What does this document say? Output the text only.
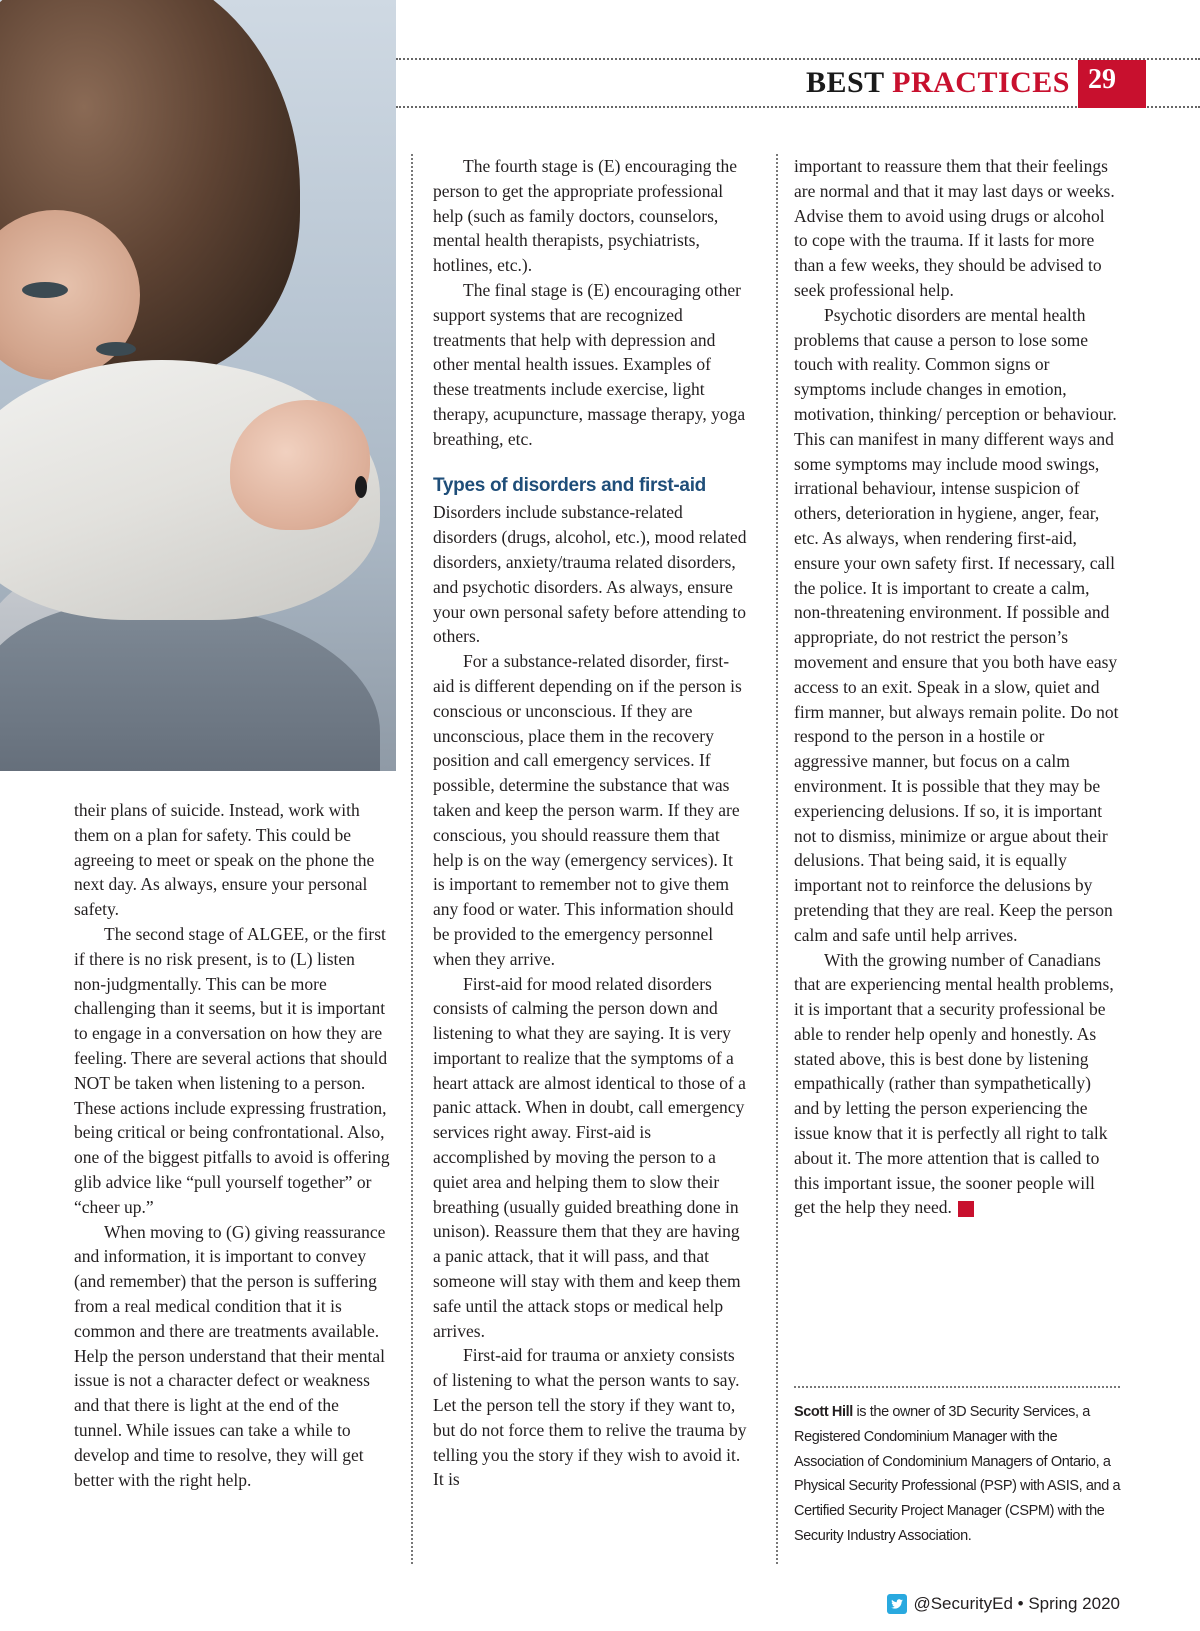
BEST PRACTICES 29

their plans of suicide. Instead, work with them on a plan for safety. This could be agreeing to meet or speak on the phone the next day. As always, ensure your personal safety.

The second stage of ALGEE, or the first if there is no risk present, is to (L) listen non-judgmentally. This can be more challenging than it seems, but it is important to engage in a conversation on how they are feeling. There are several actions that should NOT be taken when listening to a person. These actions include expressing frustration, being critical or being confrontational. Also, one of the biggest pitfalls to avoid is offering glib advice like “pull yourself together” or “cheer up.”

When moving to (G) giving reassurance and information, it is important to convey (and remember) that the person is suffering from a real medical condition that it is common and there are treatments available. Help the person understand that their mental issue is not a character defect or weakness and that there is light at the end of the tunnel. While issues can take a while to develop and time to resolve, they will get better with the right help.

The fourth stage is (E) encouraging the person to get the appropriate professional help (such as family doctors, counselors, mental health therapists, psychiatrists, hotlines, etc.).

The final stage is (E) encouraging other support systems that are recognized treatments that help with depression and other mental health issues. Examples of these treatments include exercise, light therapy, acupuncture, massage therapy, yoga breathing, etc.

Types of disorders and first-aid

Disorders include substance-related disorders (drugs, alcohol, etc.), mood related disorders, anxiety/trauma related disorders, and psychotic disorders. As always, ensure your own personal safety before attending to others.

For a substance-related disorder, first-aid is different depending on if the person is conscious or unconscious. If they are unconscious, place them in the recovery position and call emergency services. If possible, determine the substance that was taken and keep the person warm. If they are conscious, you should reassure them that help is on the way (emergency services). It is important to remember not to give them any food or water. This information should be provided to the emergency personnel when they arrive.

First-aid for mood related disorders consists of calming the person down and listening to what they are saying. It is very important to realize that the symptoms of a heart attack are almost identical to those of a panic attack. When in doubt, call emergency services right away. First-aid is accomplished by moving the person to a quiet area and helping them to slow their breathing (usually guided breathing done in unison). Reassure them that they are having a panic attack, that it will pass, and that someone will stay with them and keep them safe until the attack stops or medical help arrives.

First-aid for trauma or anxiety consists of listening to what the person wants to say. Let the person tell the story if they want to, but do not force them to relive the trauma by telling you the story if they wish to avoid it. It is

important to reassure them that their feelings are normal and that it may last days or weeks. Advise them to avoid using drugs or alcohol to cope with the trauma. If it lasts for more than a few weeks, they should be advised to seek professional help.

Psychotic disorders are mental health problems that cause a person to lose some touch with reality. Common signs or symptoms include changes in emotion, motivation, thinking/ perception or behaviour. This can manifest in many different ways and some symptoms may include mood swings, irrational behaviour, intense suspicion of others, deterioration in hygiene, anger, fear, etc. As always, when rendering first-aid, ensure your own safety first. If necessary, call the police. It is important to create a calm, non-threatening environment. If possible and appropriate, do not restrict the person’s movement and ensure that you both have easy access to an exit. Speak in a slow, quiet and firm manner, but always remain polite. Do not respond to the person in a hostile or aggressive manner, but focus on a calm environment. It is possible that they may be experiencing delusions. If so, it is important not to dismiss, minimize or argue about their delusions. That being said, it is equally important not to reinforce the delusions by pretending that they are real. Keep the person calm and safe until help arrives.

With the growing number of Canadians that are experiencing mental health problems, it is important that a security professional be able to render help openly and honestly. As stated above, this is best done by listening empathically (rather than sympathetically) and by letting the person experiencing the issue know that it is perfectly all right to talk about it. The more attention that is called to this important issue, the sooner people will get the help they need.	CS

Scott Hill is the owner of 3D Security Services, a Registered Condominium Manager with the Association of Condominium Managers of Ontario, a Physical Security Professional (PSP) with ASIS, and a Certified Security Project Manager (CSPM) with the Security Industry Association.
@SecurityEd • Spring 2020
